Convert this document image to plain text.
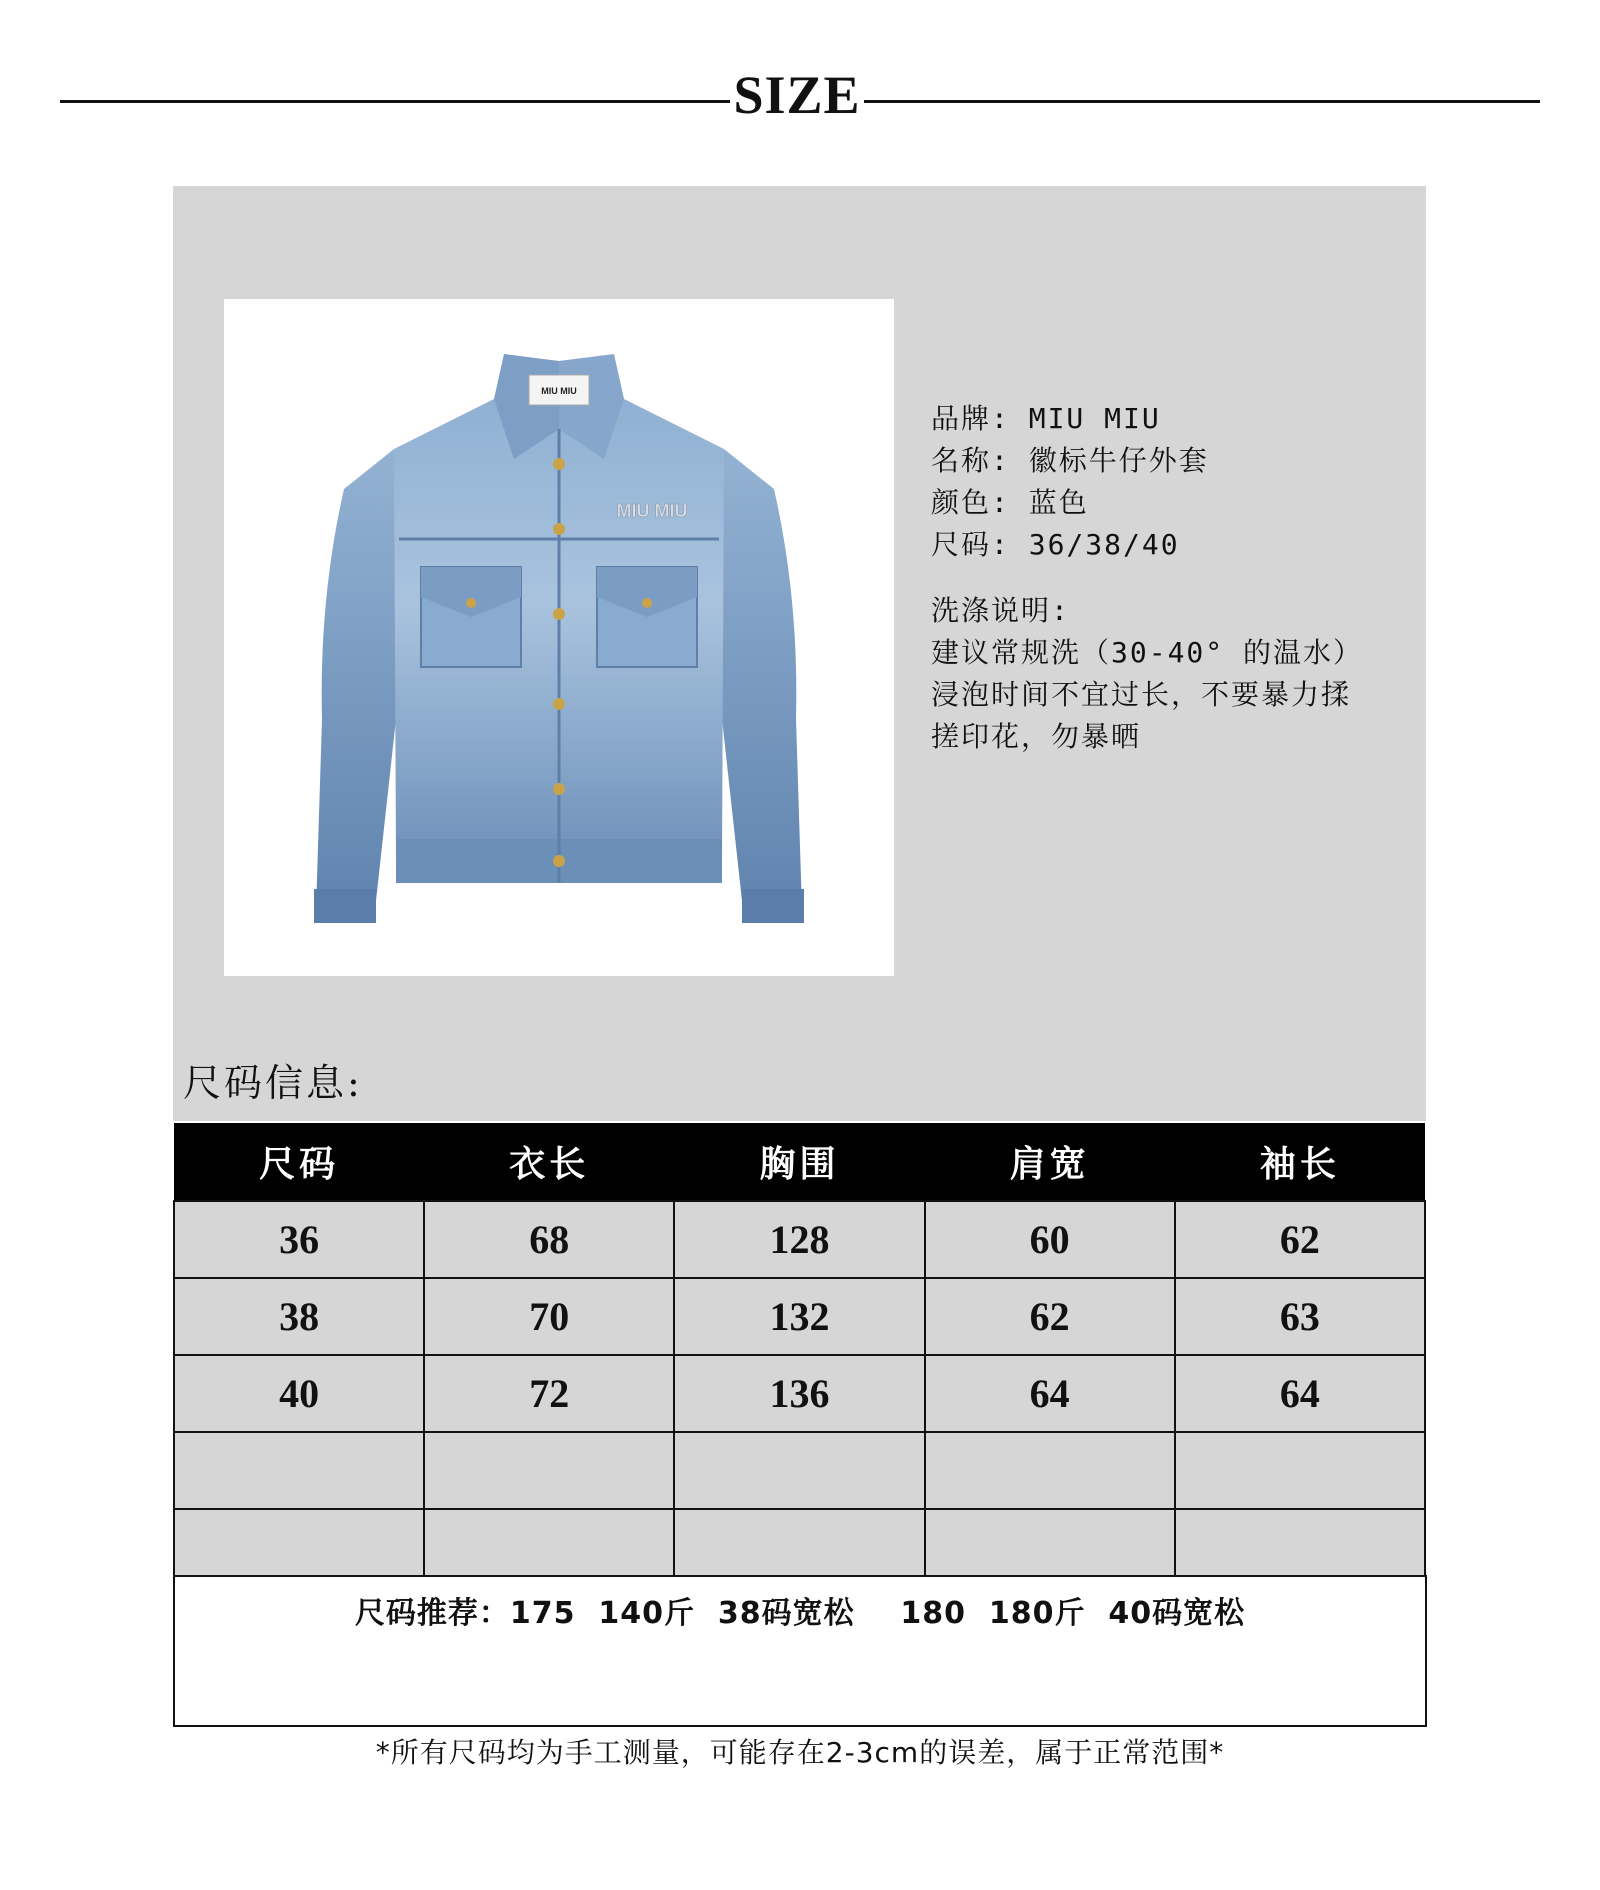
SIZE
MIU MIU
MIU MIU
品牌: MIU MIU
名称: 徽标牛仔外套
颜色: 蓝色
尺码: 36/38/40
洗涤说明:
建议常规洗（30-40° 的温水）
浸泡时间不宜过长，不要暴力揉
搓印花，勿暴晒
尺码信息:
尺码	衣长	胸围	肩宽	袖长
36	68	128	60	62
38	70	132	62	63
40	72	136	64	64

尺码推荐：175  140斤  38码宽松    180  180斤  40码宽松
*所有尺码均为手工测量，可能存在2-3cm的误差，属于正常范围*
